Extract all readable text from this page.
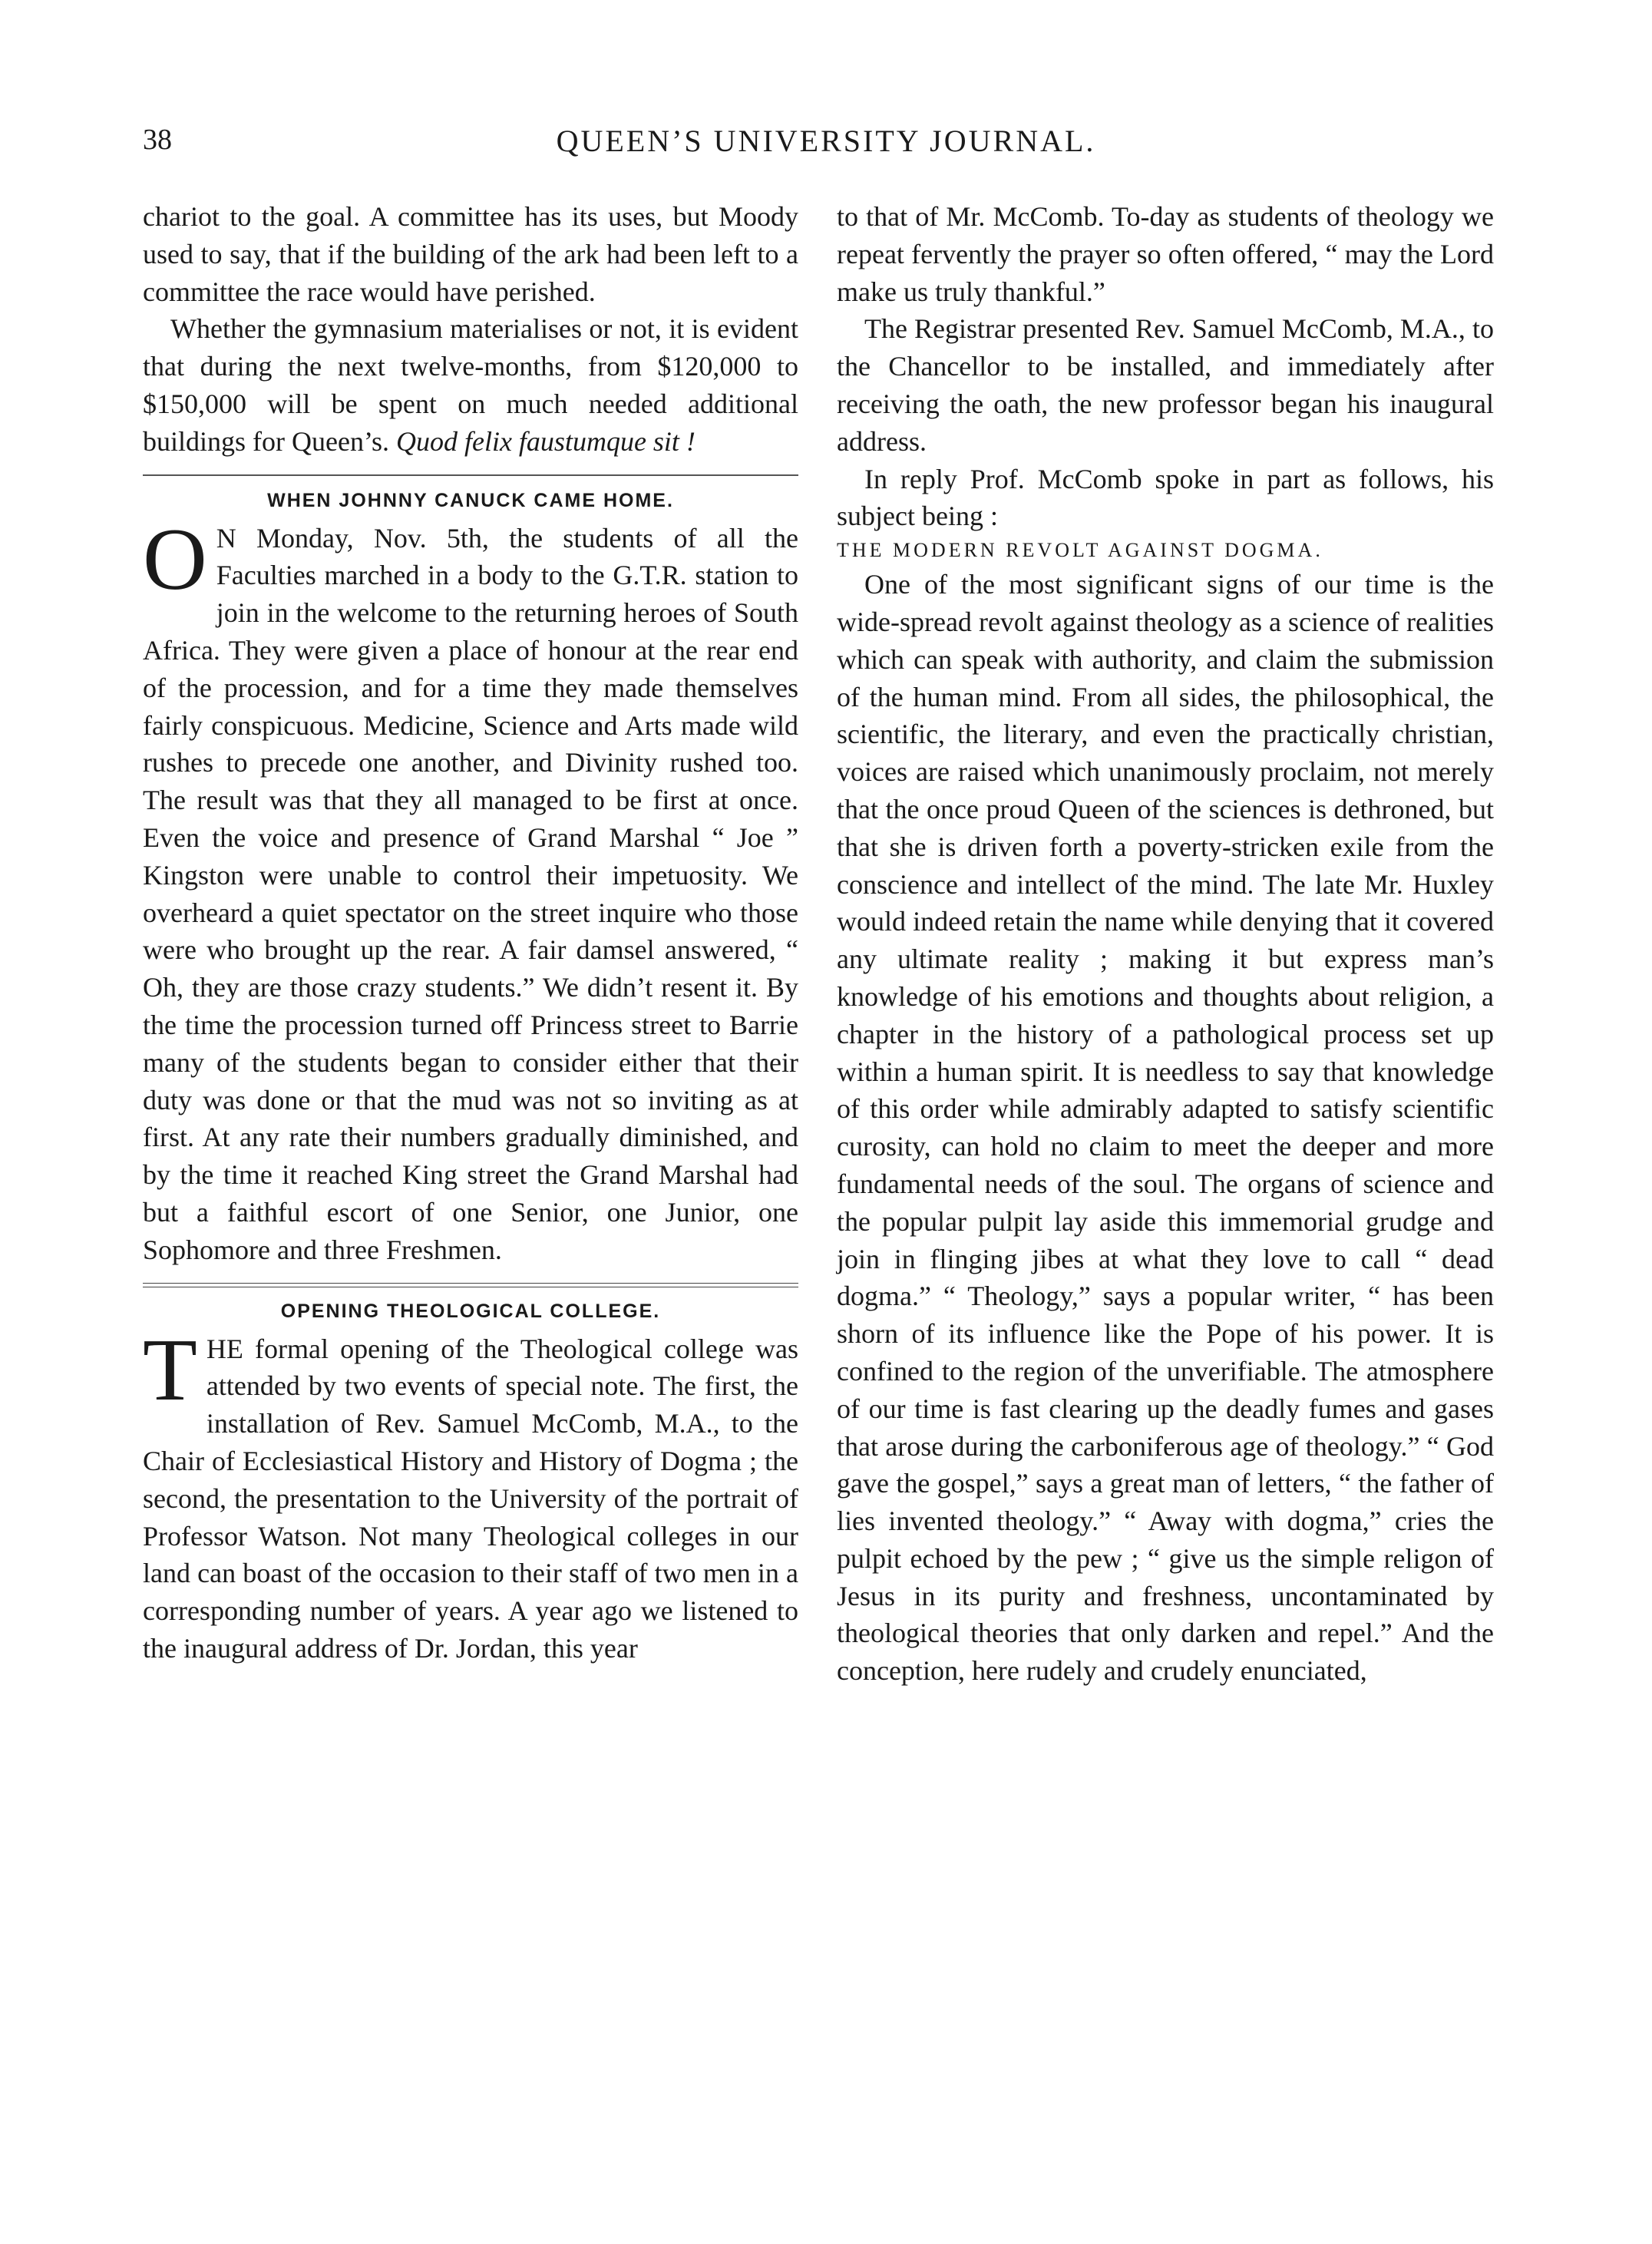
38	QUEEN’S UNIVERSITY JOURNAL.

chariot to the goal. A committee has its uses, but Moody used to say, that if the building of the ark had been left to a committee the race would have perished.

Whether the gymnasium materialises or not, it is evident that during the next twelve-months, from $120,000 to $150,000 will be spent on much needed additional buildings for Queen’s. Quod felix faustumque sit !

WHEN JOHNNY CANUCK CAME HOME.

O N Monday, Nov. 5th, the students of all the Faculties marched in a body to the G.T.R. station to join in the welcome to the returning heroes of South Africa. They were given a place of honour at the rear end of the procession, and for a time they made themselves fairly conspicuous. Medicine, Science and Arts made wild rushes to precede one another, and Divinity rushed too. The result was that they all managed to be first at once. Even the voice and presence of Grand Marshal “ Joe ” Kingston were unable to control their impetuosity. We overheard a quiet spectator on the street inquire who those were who brought up the rear. A fair damsel answered, “ Oh, they are those crazy students.” We didn’t resent it. By the time the procession turned off Princess street to Barrie many of the students began to consider either that their duty was done or that the mud was not so inviting as at first. At any rate their numbers gradually diminished, and by the time it reached King street the Grand Marshal had but a faithful escort of one Senior, one Junior, one Sophomore and three Freshmen.

OPENING THEOLOGICAL COLLEGE.

THE formal opening of the Theological college was attended by two events of special note. The first, the installation of Rev. Samuel McComb, M.A., to the Chair of Ecclesiastical History and History of Dogma ; the second, the presentation to the University of the portrait of Professor Watson. Not many Theological colleges in our land can boast of the occasion to their staff of two men in a corresponding number of years. A year ago we listened to the inaugural address of Dr. Jordan, this year

to that of Mr. McComb. To-day as students of theology we repeat fervently the prayer so often offered, “ may the Lord make us truly thankful.”

The Registrar presented Rev. Samuel McComb, M.A., to the Chancellor to be installed, and immediately after receiving the oath, the new professor began his inaugural address.

In reply Prof. McComb spoke in part as follows, his subject being :

THE MODERN REVOLT AGAINST DOGMA.

One of the most significant signs of our time is the wide-spread revolt against theology as a science of realities which can speak with authority, and claim the submission of the human mind. From all sides, the philosophical, the scientific, the literary, and even the practically christian, voices are raised which unanimously proclaim, not merely that the once proud Queen of the sciences is dethroned, but that she is driven forth a poverty-stricken exile from the conscience and intellect of the mind. The late Mr. Huxley would indeed retain the name while denying that it covered any ultimate reality ; making it but express man’s knowledge of his emotions and thoughts about religion, a chapter in the history of a pathological process set up within a human spirit. It is needless to say that knowledge of this order while admirably adapted to satisfy scientific curosity, can hold no claim to meet the deeper and more fundamental needs of the soul. The organs of science and the popular pulpit lay aside this immemorial grudge and join in flinging jibes at what they love to call “ dead dogma.” “ Theology,” says a popular writer, “ has been shorn of its influence like the Pope of his power. It is confined to the region of the unverifiable. The atmosphere of our time is fast clearing up the deadly fumes and gases that arose during the carboniferous age of theology.” “ God gave the gospel,” says a great man of letters, “ the father of lies invented theology.” “ Away with dogma,” cries the pulpit echoed by the pew ; “ give us the simple religon of Jesus in its purity and freshness, uncontaminated by theological theories that only darken and repel.” And the conception, here rudely and crudely enunciated,
